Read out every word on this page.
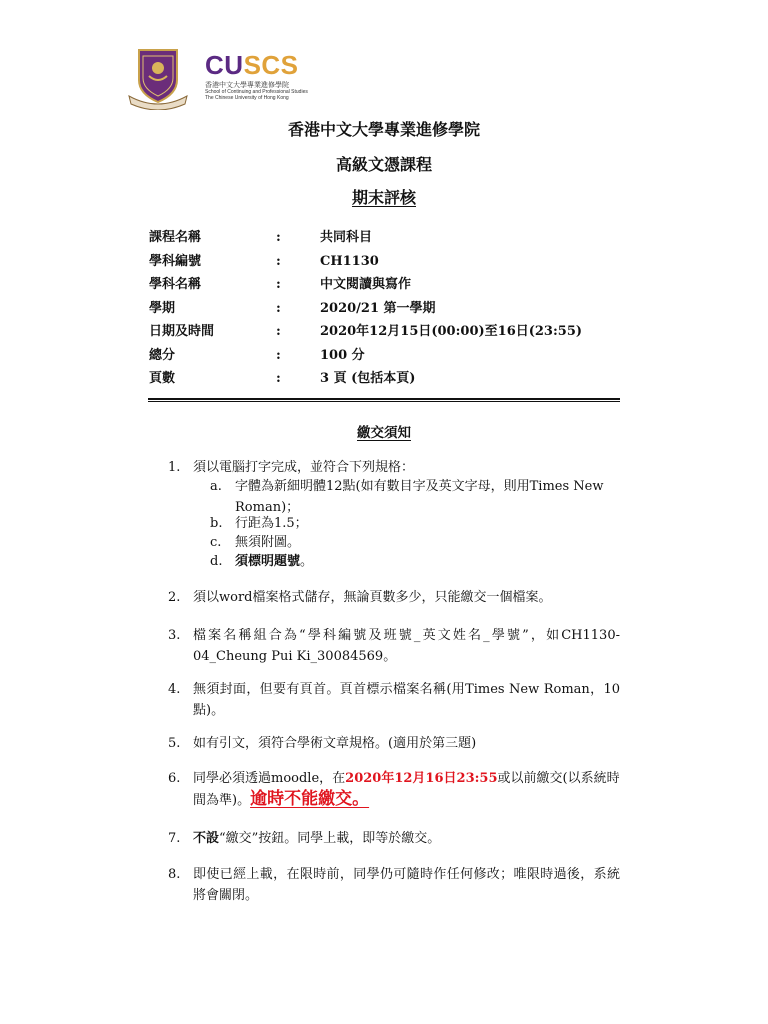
CUSCS
香港中文大學專業進修學院
School of Continuing and Professional Studies
The Chinese University of Hong Kong
香港中文大學專業進修學院
高級文憑課程
期末評核
課程名稱	:	共同科目
學科編號	:	CH1130
學科名稱	:	中文閱讀與寫作
學期	:	2020/21 第一學期
日期及時間	:	2020年12月15日(00:00)至16日(23:55)
總分	:	100 分
頁數	:	3 頁 (包括本頁)
繳交須知
1. 須以電腦打字完成，並符合下列規格：
a. 字體為新細明體12點(如有數目字及英文字母，則用Times New Roman)；
b. 行距為1.5；
c. 無須附圖。
d. 須標明題號。
2. 須以word檔案格式儲存，無論頁數多少，只能繳交一個檔案。
3. 檔案名稱組合為“學科編號及班號_英文姓名_學號”，如CH1130-04_Cheung Pui Ki_30084569。
4. 無須封面，但要有頁首。頁首標示檔案名稱(用Times New Roman，10點)。
5. 如有引文，須符合學術文章規格。(適用於第三題)
6. 同學必須透過moodle，在2020年12月16日23:55或以前繳交(以系統時間為準)。逾時不能繳交。
7. 不設“繳交”按鈕。同學上載，即等於繳交。
8. 即使已經上載，在限時前，同學仍可隨時作任何修改；唯限時過後，系統將會關閉。
